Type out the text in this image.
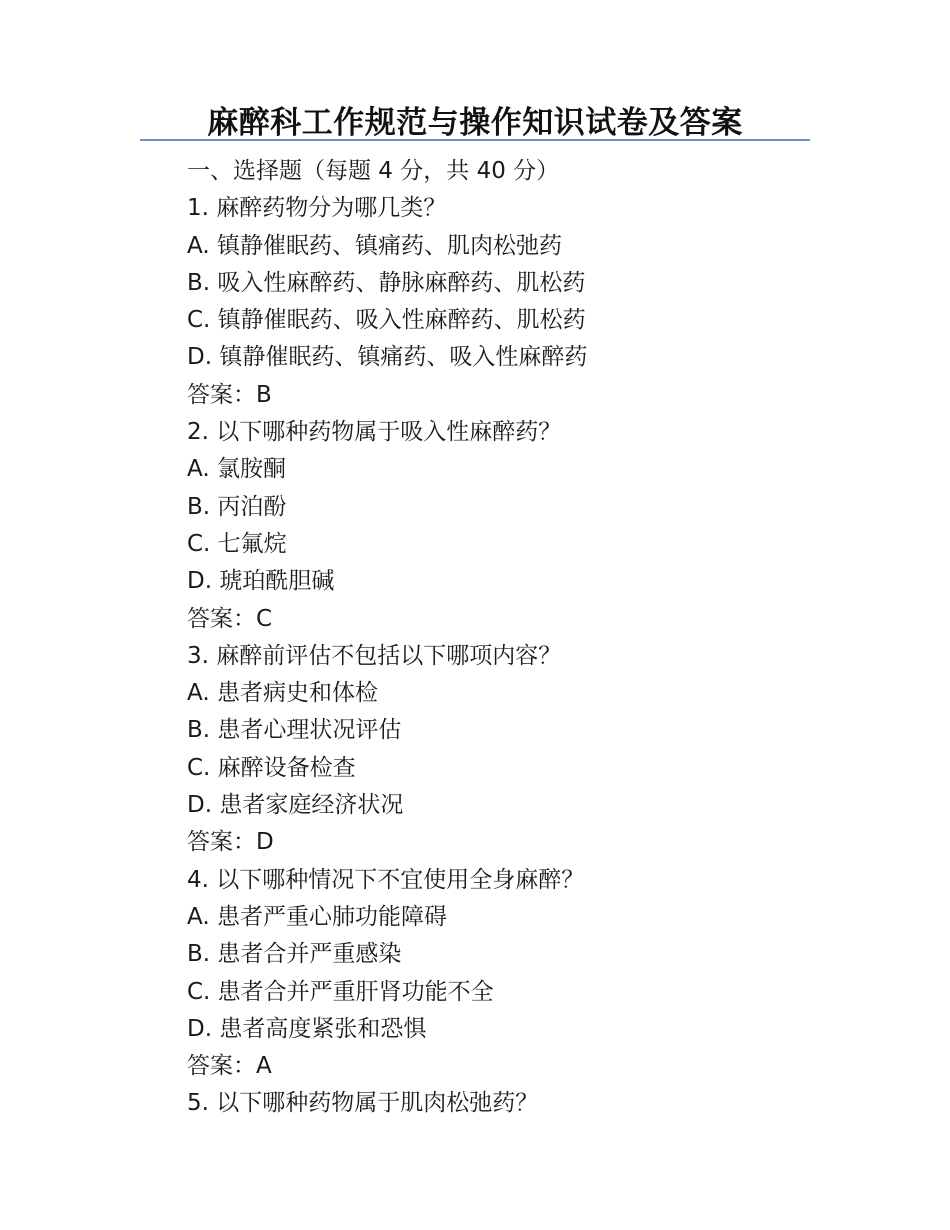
麻醉科工作规范与操作知识试卷及答案
一、选择题（每题 4 分，共 40 分）
1. 麻醉药物分为哪几类？
A. 镇静催眠药、镇痛药、肌肉松弛药
B. 吸入性麻醉药、静脉麻醉药、肌松药
C. 镇静催眠药、吸入性麻醉药、肌松药
D. 镇静催眠药、镇痛药、吸入性麻醉药
答案：B
2. 以下哪种药物属于吸入性麻醉药？
A. 氯胺酮
B. 丙泊酚
C. 七氟烷
D. 琥珀酰胆碱
答案：C
3. 麻醉前评估不包括以下哪项内容？
A. 患者病史和体检
B. 患者心理状况评估
C. 麻醉设备检查
D. 患者家庭经济状况
答案：D
4. 以下哪种情况下不宜使用全身麻醉？
A. 患者严重心肺功能障碍
B. 患者合并严重感染
C. 患者合并严重肝肾功能不全
D. 患者高度紧张和恐惧
答案：A
5. 以下哪种药物属于肌肉松弛药？
